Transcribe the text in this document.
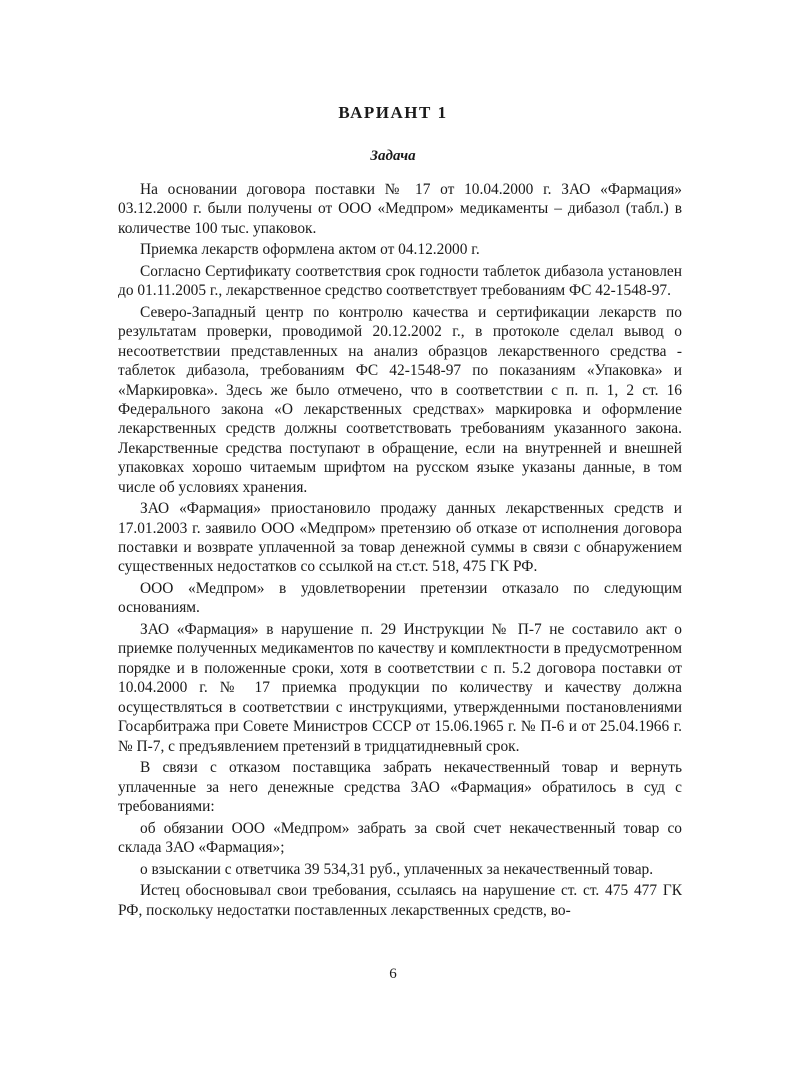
ВАРИАНТ 1
Задача

На основании договора поставки № 17 от 10.04.2000 г. ЗАО «Фармация» 03.12.2000 г. были получены от ООО «Медпром» медикаменты – дибазол (табл.) в количестве 100 тыс. упаковок.

Приемка лекарств оформлена актом от 04.12.2000 г.

Согласно Сертификату соответствия срок годности таблеток дибазола установлен до 01.11.2005 г., лекарственное средство соответствует требованиям ФС 42-1548-97.

Северо-Западный центр по контролю качества и сертификации лекарств по результатам проверки, проводимой 20.12.2002 г., в протоколе сделал вывод о несоответствии представленных на анализ образцов лекарственного средства - таблеток дибазола, требованиям ФС 42-1548-97 по показаниям «Упаковка» и «Маркировка». Здесь же было отмечено, что в соответствии с п. п. 1, 2 ст. 16 Федерального закона «О лекарственных средствах» маркировка и оформление лекарственных средств должны соответствовать требованиям указанного закона. Лекарственные средства поступают в обращение, если на внутренней и внешней упаковках хорошо читаемым шрифтом на русском языке указаны данные, в том числе об условиях хранения.

ЗАО «Фармация» приостановило продажу данных лекарственных средств и 17.01.2003 г. заявило ООО «Медпром» претензию об отказе от исполнения договора поставки и возврате уплаченной за товар денежной суммы в связи с обнаружением существенных недостатков со ссылкой на ст.ст. 518, 475 ГК РФ.

ООО «Медпром» в удовлетворении претензии отказало по следующим основаниям.

ЗАО «Фармация» в нарушение п. 29 Инструкции № П-7 не составило акт о приемке полученных медикаментов по качеству и комплектности в предусмотренном порядке и в положенные сроки, хотя в соответствии с п. 5.2 договора поставки от 10.04.2000 г. № 17 приемка продукции по количеству и качеству должна осуществляться в соответствии с инструкциями, утвержденными постановлениями Госарбитража при Совете Министров СССР от 15.06.1965 г. № П-6 и от 25.04.1966 г. № П-7, с предъявлением претензий в тридцатидневный срок.

В связи с отказом поставщика забрать некачественный товар и вернуть уплаченные за него денежные средства ЗАО «Фармация» обратилось в суд с требованиями:

об обязании ООО «Медпром» забрать за свой счет некачественный товар со склада ЗАО «Фармация»;

о взыскании с ответчика 39 534,31 руб., уплаченных за некачественный товар.

Истец обосновывал свои требования, ссылаясь на нарушение ст. ст. 475 477 ГК РФ, поскольку недостатки поставленных лекарственных средств, во-

6
